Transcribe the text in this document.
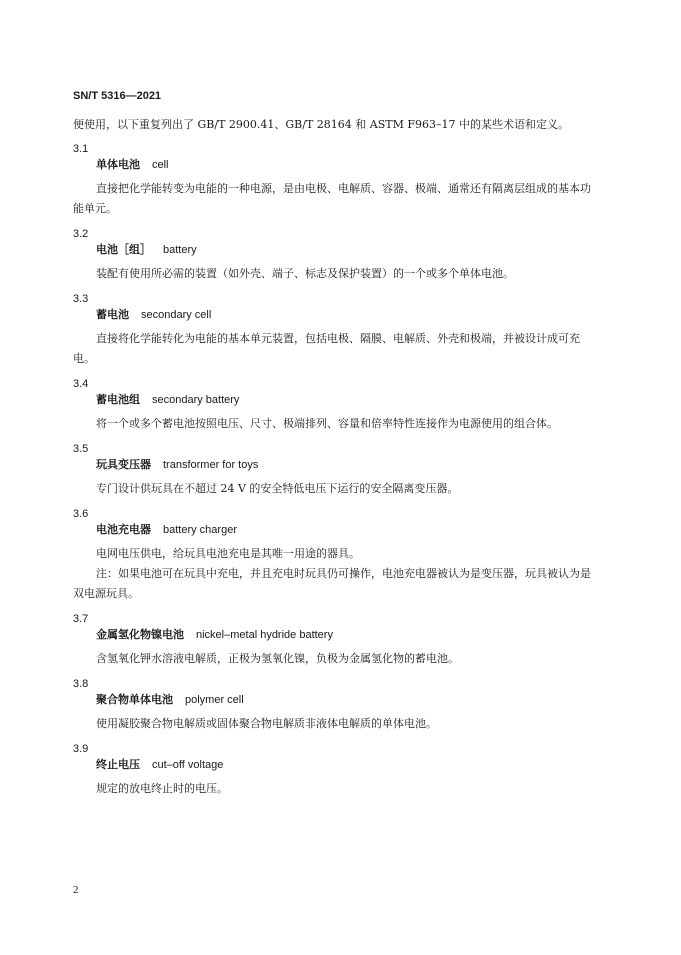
SN/T 5316—2021
便使用，以下重复列出了 GB/T 2900.41、GB/T 28164 和 ASTM F963–17 中的某些术语和定义。
3.1
单体电池 cell
直接把化学能转变为电能的一种电源，是由电极、电解质、容器、极端、通常还有隔离层组成的基本功能单元。
3.2
电池［组］ battery
装配有使用所必需的装置（如外壳、端子、标志及保护装置）的一个或多个单体电池。
3.3
蓄电池 secondary cell
直接将化学能转化为电能的基本单元装置，包括电极、隔膜、电解质、外壳和极端，并被设计成可充电。
3.4
蓄电池组 secondary battery
将一个或多个蓄电池按照电压、尺寸、极端排列、容量和倍率特性连接作为电源使用的组合体。
3.5
玩具变压器 transformer for toys
专门设计供玩具在不超过 24 V 的安全特低电压下运行的安全隔离变压器。
3.6
电池充电器 battery charger
电网电压供电，给玩具电池充电是其唯一用途的器具。
注：如果电池可在玩具中充电，并且充电时玩具仍可操作，电池充电器被认为是变压器，玩具被认为是双电源玩具。
3.7
金属氢化物镍电池 nickel–metal hydride battery
含氢氧化钾水溶液电解质，正极为氢氧化镍，负极为金属氢化物的蓄电池。
3.8
聚合物单体电池 polymer cell
使用凝胶聚合物电解质或固体聚合物电解质非液体电解质的单体电池。
3.9
终止电压 cut–off voltage
规定的放电终止时的电压。
2
